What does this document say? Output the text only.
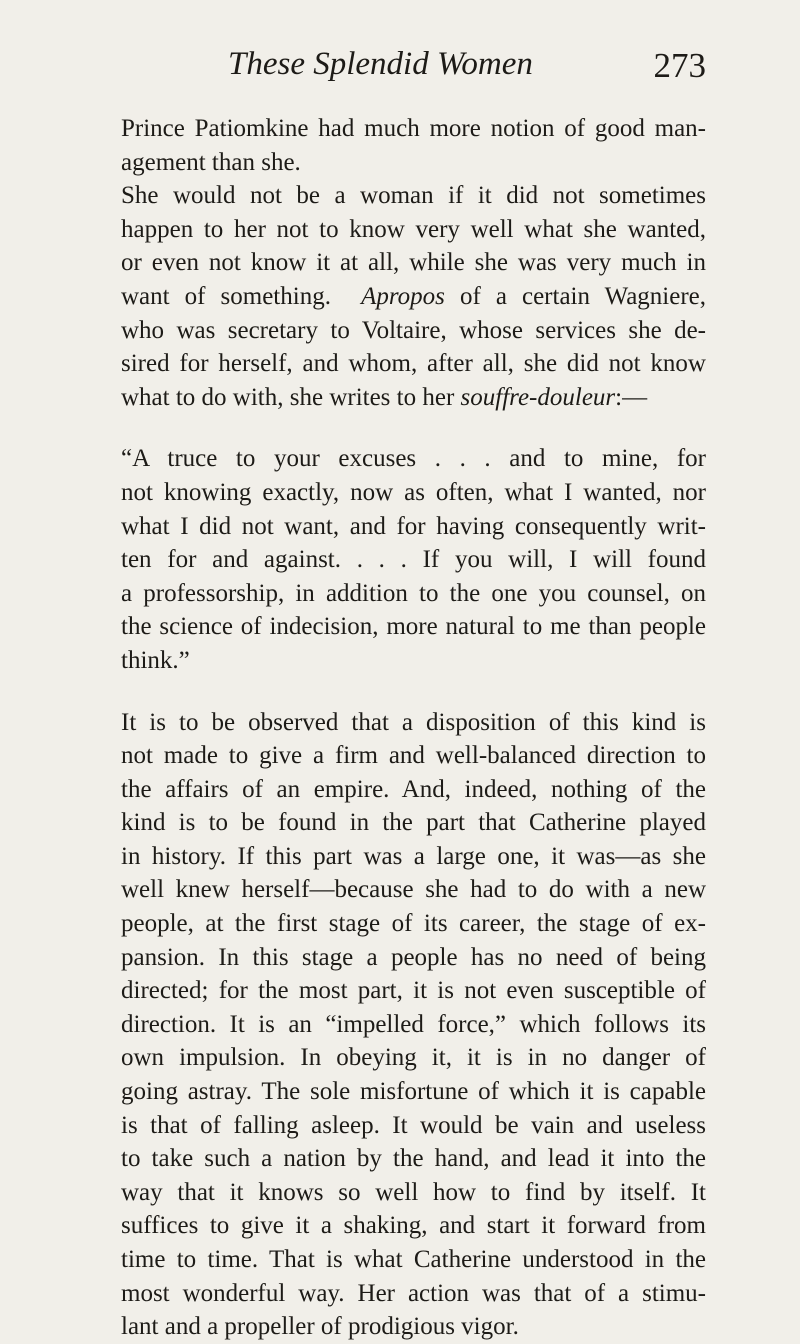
These Splendid Women	273
Prince Patiomkine had much more notion of good man-
agement than she.
She would not be a woman if it did not sometimes
happen to her not to know very well what she wanted,
or even not know it at all, while she was very much in
want of something. Apropos of a certain Wagniere,
who was secretary to Voltaire, whose services she de-
sired for herself, and whom, after all, she did not know
what to do with, she writes to her souffre-douleur:—
“A truce to your excuses . . . and to mine, for
not knowing exactly, now as often, what I wanted, nor
what I did not want, and for having consequently writ-
ten for and against. . . . If you will, I will found
a professorship, in addition to the one you counsel, on
the science of indecision, more natural to me than people
think.”
It is to be observed that a disposition of this kind is
not made to give a firm and well-balanced direction to
the affairs of an empire. And, indeed, nothing of the
kind is to be found in the part that Catherine played
in history. If this part was a large one, it was—as she
well knew herself—because she had to do with a new
people, at the first stage of its career, the stage of ex-
pansion. In this stage a people has no need of being
directed; for the most part, it is not even susceptible of
direction. It is an “impelled force,” which follows its
own impulsion. In obeying it, it is in no danger of
going astray. The sole misfortune of which it is capable
is that of falling asleep. It would be vain and useless
to take such a nation by the hand, and lead it into the
way that it knows so well how to find by itself. It
suffices to give it a shaking, and start it forward from
time to time. That is what Catherine understood in the
most wonderful way. Her action was that of a stimu-
lant and a propeller of prodigious vigor.
